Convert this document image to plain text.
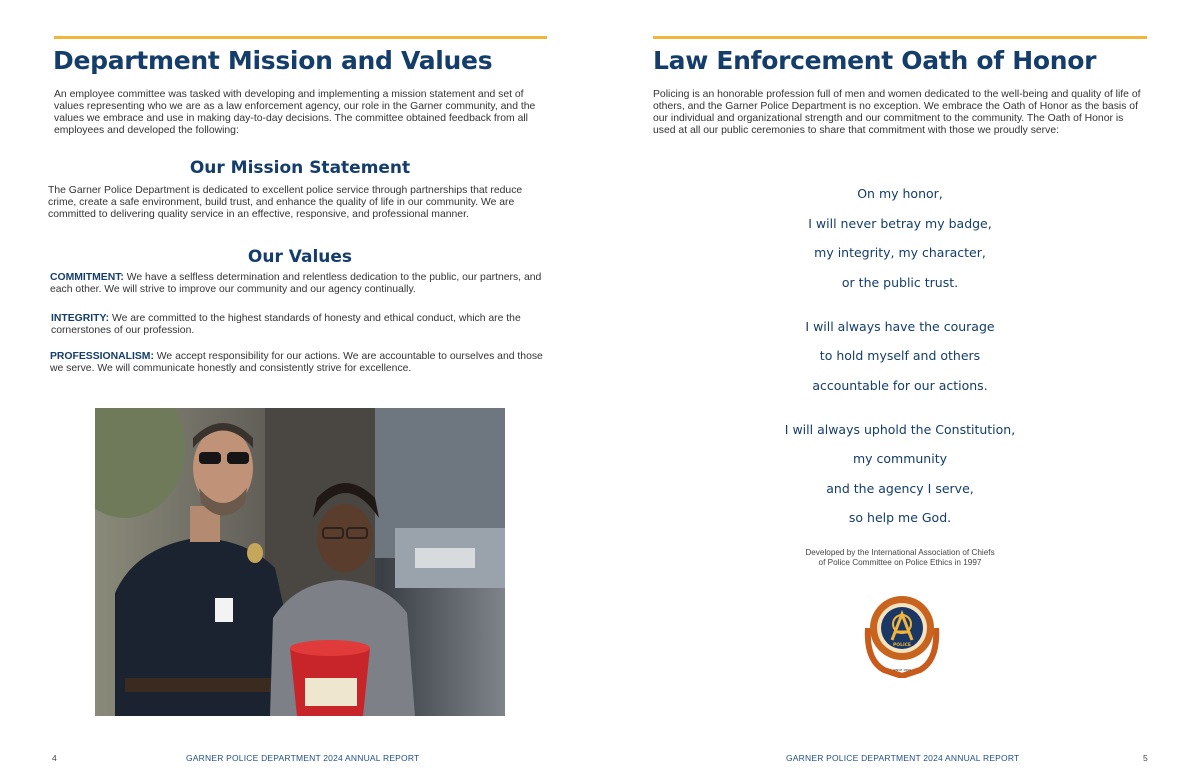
Department Mission and Values

An employee committee was tasked with developing and implementing a mission statement and set of values representing who we are as a law enforcement agency, our role in the Garner community, and the values we embrace and use in making day-to-day decisions. The committee obtained feedback from all employees and developed the following:

Our Mission Statement

The Garner Police Department is dedicated to excellent police service through partnerships that reduce crime, create a safe environment, build trust, and enhance the quality of life in our community. We are committed to delivering quality service in an effective, responsive, and professional manner.

Our Values

COMMITMENT: We have a selfless determination and relentless dedication to the public, our partners, and each other. We will strive to improve our community and our agency continually.

INTEGRITY: We are committed to the highest standards of honesty and ethical conduct, which are the cornerstones of our profession.

PROFESSIONALISM: We accept responsibility for our actions. We are accountable to ourselves and those we serve. We will communicate honestly and consistently strive for excellence.

4	GARNER POLICE DEPARTMENT 2024 ANNUAL REPORT
Law Enforcement Oath of Honor

Policing is an honorable profession full of men and women dedicated to the well-being and quality of life of others, and the Garner Police Department is no exception. We embrace the Oath of Honor as the basis of our individual and organizational strength and our commitment to the community. The Oath of Honor is used at all our public ceremonies to share that commitment with those we proudly serve:

On my honor,
I will never betray my badge,
my integrity, my character,
or the public trust.
I will always have the courage
to hold myself and others
accountable for our actions.
I will always uphold the Constitution,
my community
and the agency I serve,
so help me God.
Developed by the International Association of Chiefs
of Police Committee on Police Ethics in 1997
5
GARNER POLICE DEPARTMENT 2024 ANNUAL REPORT
POLICE
SINCE 1893
